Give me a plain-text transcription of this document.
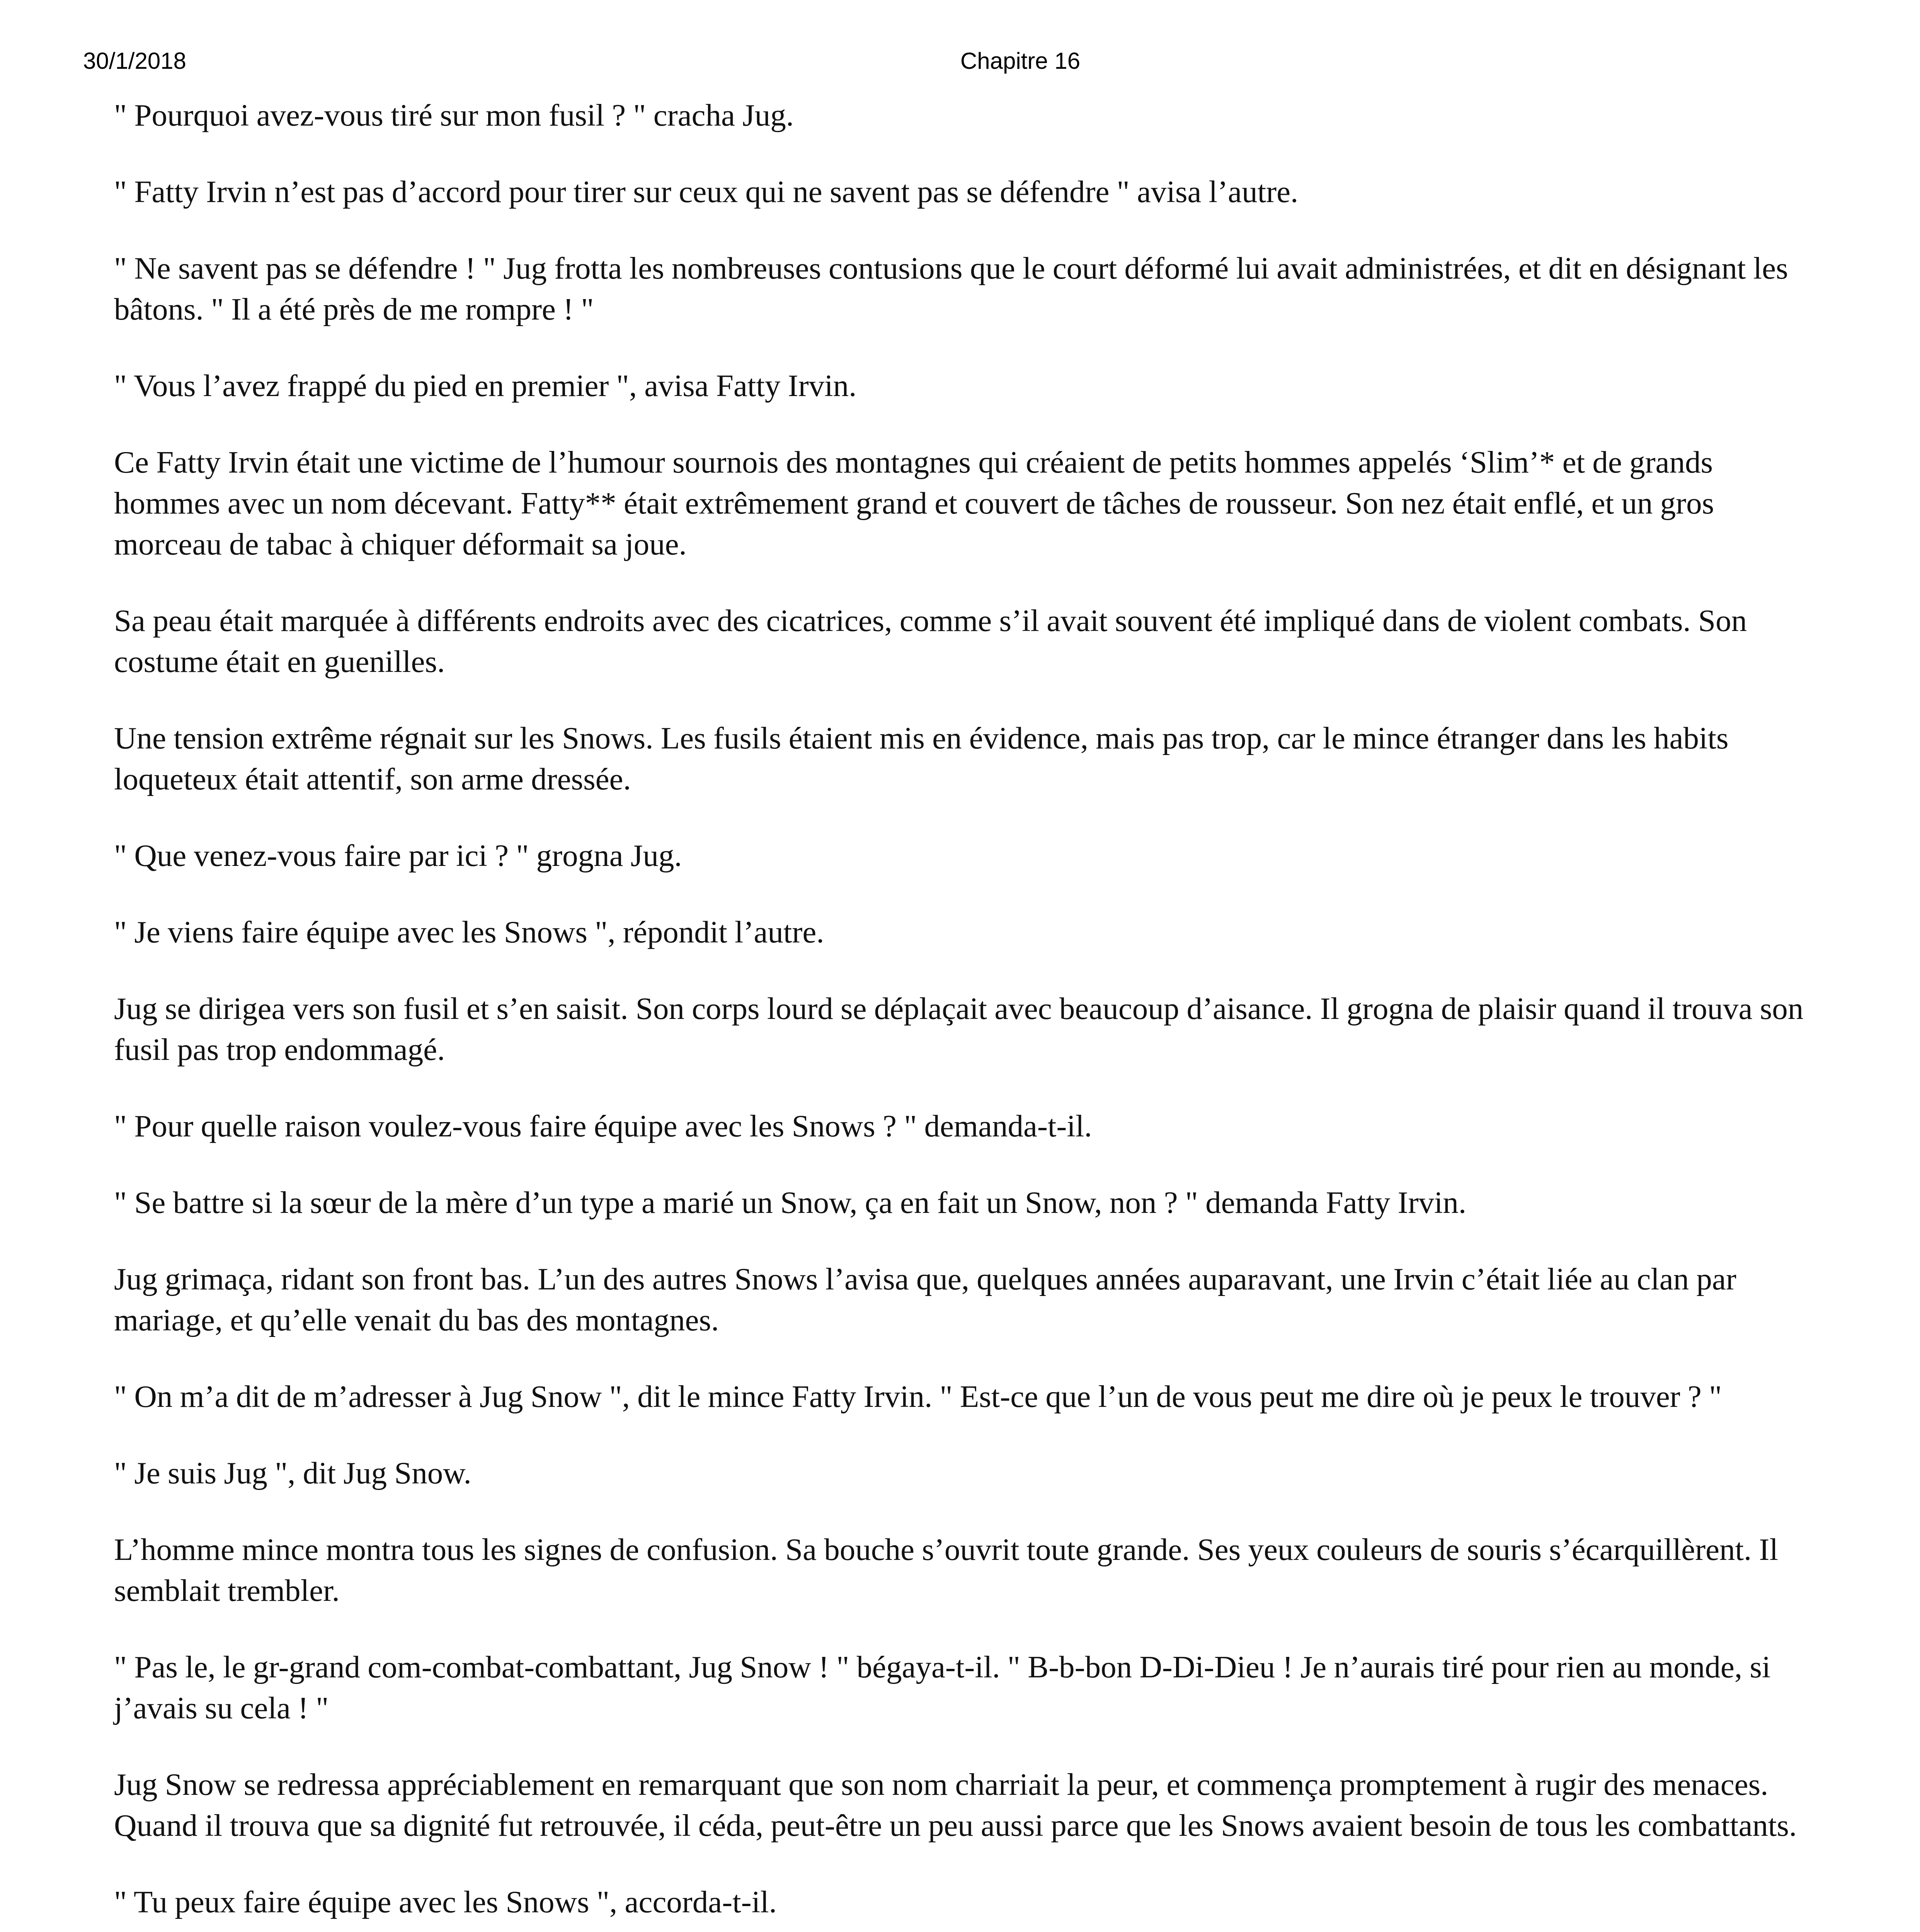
30/1/2018	Chapitre 16

" Pourquoi avez-vous tiré sur mon fusil ? " cracha Jug.

" Fatty Irvin n’est pas d’accord pour tirer sur ceux qui ne savent pas se défendre " avisa l’autre.

" Ne savent pas se défendre ! " Jug frotta les nombreuses contusions que le court déformé lui avait administrées, et dit en désignant les bâtons. " Il a été près de me rompre ! "

" Vous l’avez frappé du pied en premier ", avisa Fatty Irvin.

Ce Fatty Irvin était une victime de l’humour sournois des montagnes qui créaient de petits hommes appelés ‘Slim’* et de grands hommes avec un nom décevant. Fatty** était extrêmement grand et couvert de tâches de rousseur. Son nez était enflé, et un gros morceau de tabac à chiquer déformait sa joue.

Sa peau était marquée à différents endroits avec des cicatrices, comme s’il avait souvent été impliqué dans de violent combats. Son costume était en guenilles.

Une tension extrême régnait sur les Snows. Les fusils étaient mis en évidence, mais pas trop, car le mince étranger dans les habits loqueteux était attentif, son arme dressée.

" Que venez-vous faire par ici ? " grogna Jug.

" Je viens faire équipe avec les Snows ", répondit l’autre.

Jug se dirigea vers son fusil et s’en saisit. Son corps lourd se déplaçait avec beaucoup d’aisance. Il grogna de plaisir quand il trouva son fusil pas trop endommagé.

" Pour quelle raison voulez-vous faire équipe avec les Snows ? " demanda-t-il.

" Se battre si la sœur de la mère d’un type a marié un Snow, ça en fait un Snow, non ? " demanda Fatty Irvin.

Jug grimaça, ridant son front bas. L’un des autres Snows l’avisa que, quelques années auparavant, une Irvin c’était liée au clan par mariage, et qu’elle venait du bas des montagnes.

" On m’a dit de m’adresser à Jug Snow ", dit le mince Fatty Irvin. " Est-ce que l’un de vous peut me dire où je peux le trouver ? "

" Je suis Jug ", dit Jug Snow.

L’homme mince montra tous les signes de confusion. Sa bouche s’ouvrit toute grande. Ses yeux couleurs de souris s’écarquillèrent. Il semblait trembler.

" Pas le, le gr-grand com-combat-combattant, Jug Snow ! " bégaya-t-il. " B-b-bon D-Di-Dieu ! Je n’aurais tiré pour rien au monde, si j’avais su cela ! "

Jug Snow se redressa appréciablement en remarquant que son nom charriait la peur, et commença promptement à rugir des menaces. Quand il trouva que sa dignité fut retrouvée, il céda, peut-être un peu aussi parce que les Snows avaient besoin de tous les combattants.

" Tu peux faire équipe avec les Snows ", accorda-t-il.
